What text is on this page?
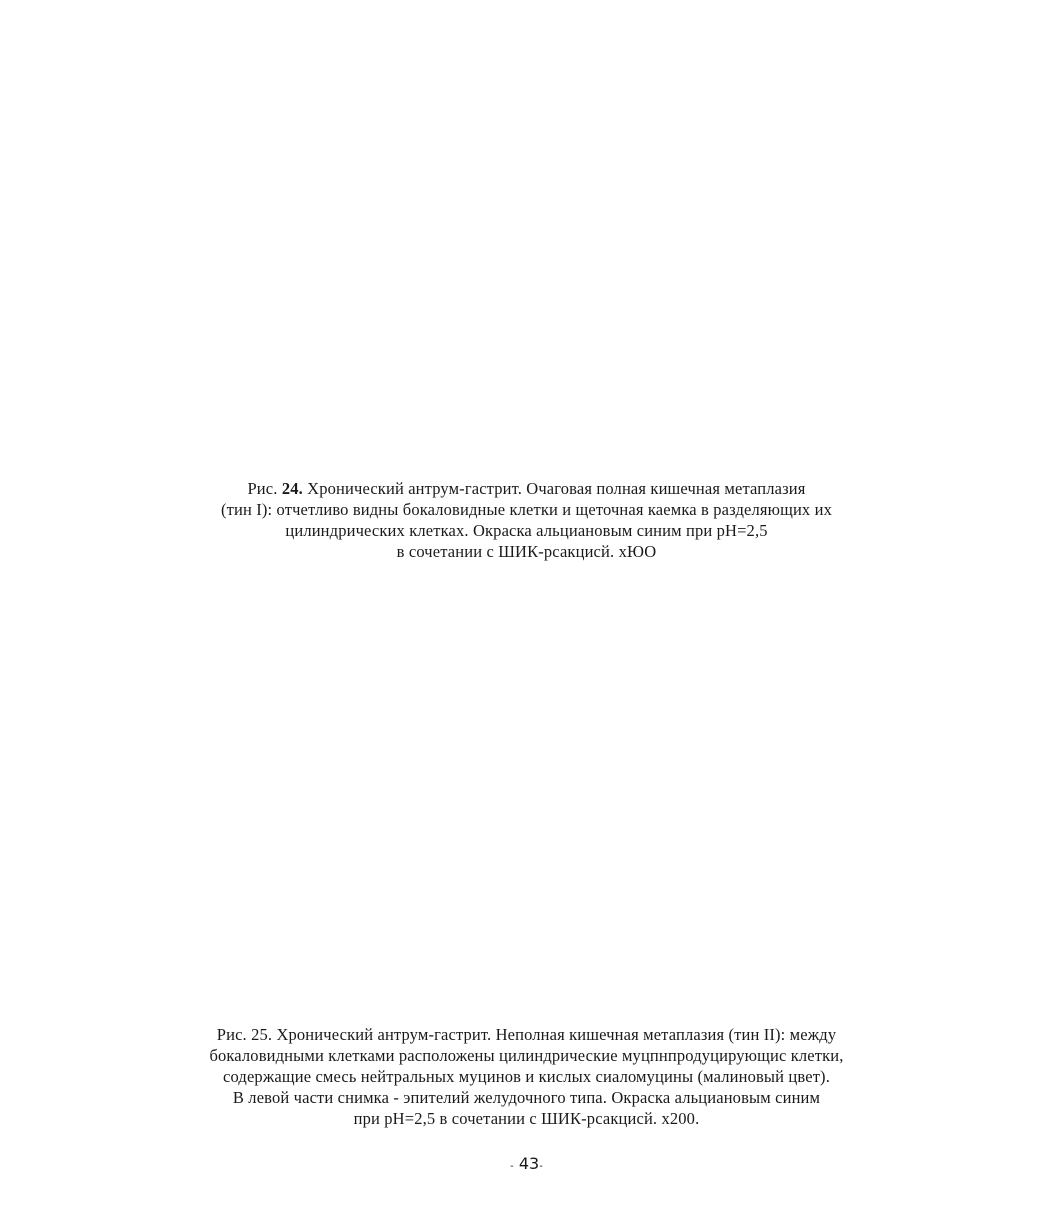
Рис. 24. Хронический антрум-гастрит. Очаговая полная кишечная метаплазия
(тин I): отчетливо видны бокаловидные клетки и щеточная каемка в разделяющих их
цилиндрических клетках. Окраска альциановым синим при pH=2,5
в сочетании с ШИК-рсакцисй. хЮО
Рис. 25. Хронический антрум-гастрит. Неполная кишечная метаплазия (тин II): между
бокаловидными клетками расположены цилиндрические муцпнпродуцирующис клетки,
содержащие смесь нейтральных муцинов и кислых сиаломуцины (малиновый цвет).
В левой части снимка - эпителий желудочного типа. Окраска альциановым синим
при pH=2,5 в сочетании с ШИК-рсакцисй. х200.
- 43-
